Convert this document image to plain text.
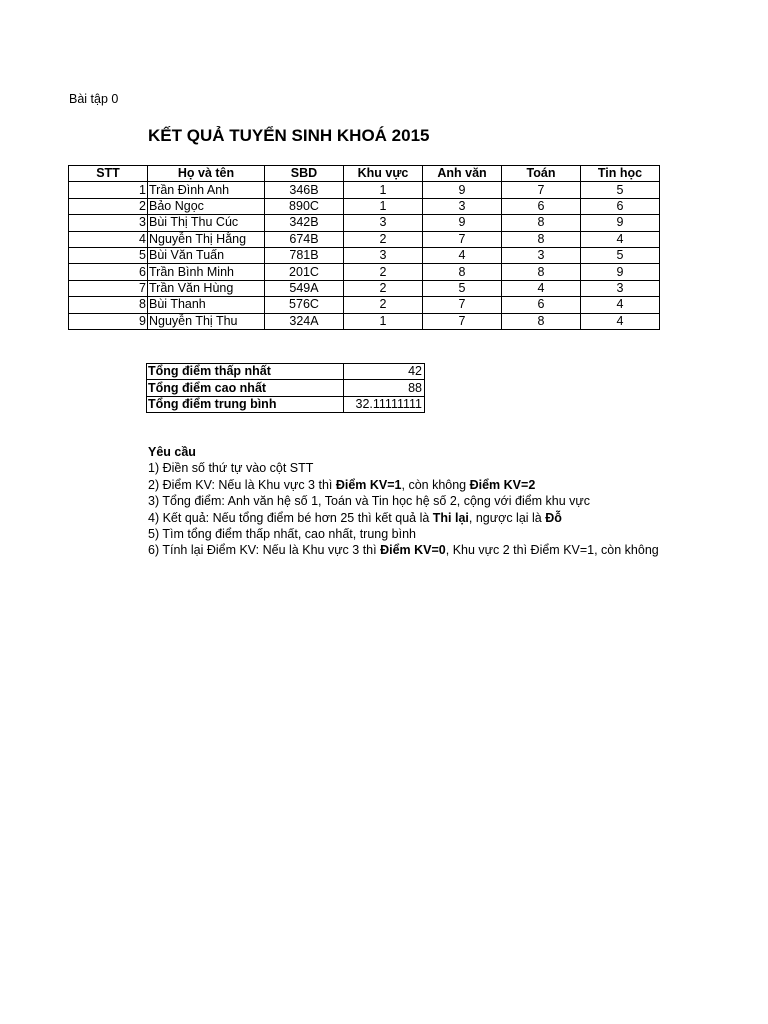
Bài tập 0
KẾT QUẢ TUYỂN SINH KHOÁ 2015
STT	Họ và tên	SBD	Khu vực	Anh văn	Toán	Tin học
1	Trần Đình Anh	346B	1	9	7	5
2	Bảo Ngọc	890C	1	3	6	6
3	Bùi Thị Thu Cúc	342B	3	9	8	9
4	Nguyễn Thị Hằng	674B	2	7	8	4
5	Bùi Văn Tuấn	781B	3	4	3	5
6	Trần Bình Minh	201C	2	8	8	9
7	Trần Văn Hùng	549A	2	5	4	3
8	Bùi Thanh	576C	2	7	6	4
9	Nguyễn Thị Thu	324A	1	7	8	4
Tổng điểm thấp nhất	42
Tổng điểm cao nhất	88
Tổng điểm trung bình	32.11111111
Yêu cầu
1) Điền số thứ tự vào cột STT
2) Điểm KV: Nếu là Khu vực 3 thì Điểm KV=1, còn không Điểm KV=2
3) Tổng điểm: Anh văn hệ số 1, Toán và Tin học hệ số 2, cộng với điểm khu vực
4) Kết quả: Nếu tổng điểm bé hơn 25 thì kết quả là Thi lại, ngược lại là Đỗ
5) Tìm tổng điểm thấp nhất, cao nhất, trung bình
6) Tính lại Điểm KV: Nếu là Khu vực 3 thì Điểm KV=0, Khu vực 2 thì Điểm KV=1, còn không
